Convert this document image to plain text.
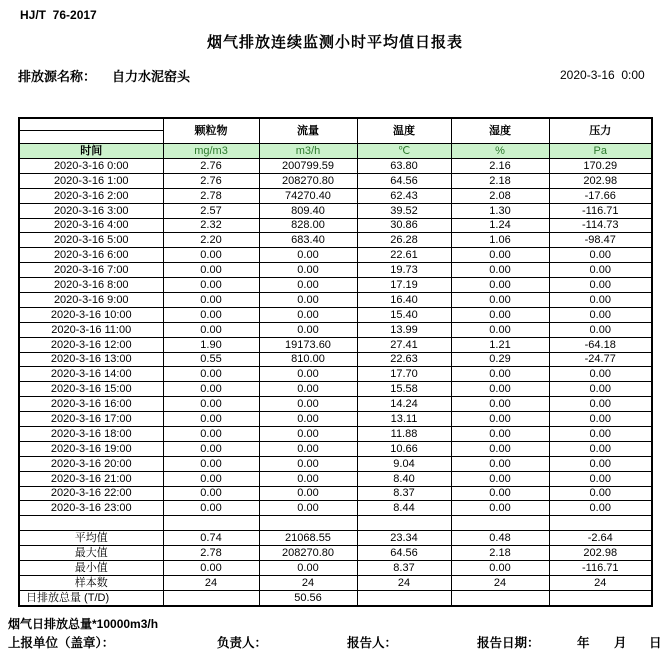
HJ/T  76-2017
烟气排放连续监测小时平均值日报表
排放源名称： 自力水泥窑头	2020-3-16  0:00
	颗粒物	流量	温度	湿度	压力

时间	mg/m3	m3/h	℃	%	Pa
2020-3-16 0:00	2.76	200799.59	63.80	2.16	170.29
2020-3-16 1:00	2.76	208270.80	64.56	2.18	202.98
2020-3-16 2:00	2.78	74270.40	62.43	2.08	-17.66
2020-3-16 3:00	2.57	809.40	39.52	1.30	-116.71
2020-3-16 4:00	2.32	828.00	30.86	1.24	-114.73
2020-3-16 5:00	2.20	683.40	26.28	1.06	-98.47
2020-3-16 6:00	0.00	0.00	22.61	0.00	0.00
2020-3-16 7:00	0.00	0.00	19.73	0.00	0.00
2020-3-16 8:00	0.00	0.00	17.19	0.00	0.00
2020-3-16 9:00	0.00	0.00	16.40	0.00	0.00
2020-3-16 10:00	0.00	0.00	15.40	0.00	0.00
2020-3-16 11:00	0.00	0.00	13.99	0.00	0.00
2020-3-16 12:00	1.90	19173.60	27.41	1.21	-64.18
2020-3-16 13:00	0.55	810.00	22.63	0.29	-24.77
2020-3-16 14:00	0.00	0.00	17.70	0.00	0.00
2020-3-16 15:00	0.00	0.00	15.58	0.00	0.00
2020-3-16 16:00	0.00	0.00	14.24	0.00	0.00
2020-3-16 17:00	0.00	0.00	13.11	0.00	0.00
2020-3-16 18:00	0.00	0.00	11.88	0.00	0.00
2020-3-16 19:00	0.00	0.00	10.66	0.00	0.00
2020-3-16 20:00	0.00	0.00	9.04	0.00	0.00
2020-3-16 21:00	0.00	0.00	8.40	0.00	0.00
2020-3-16 22:00	0.00	0.00	8.37	0.00	0.00
2020-3-16 23:00	0.00	0.00	8.44	0.00	0.00

平均值	0.74	21068.55	23.34	0.48	-2.64
最大值	2.78	208270.80	64.56	2.18	202.98
最小值	0.00	0.00	8.37	0.00	-116.71
样本数	24	24	24	24	24
日排放总量 (T/D)		50.56			
烟气日排放总量*10000m3/h
上报单位（盖章）：	负责人：	报告人：	报告日期：	年 月 日
